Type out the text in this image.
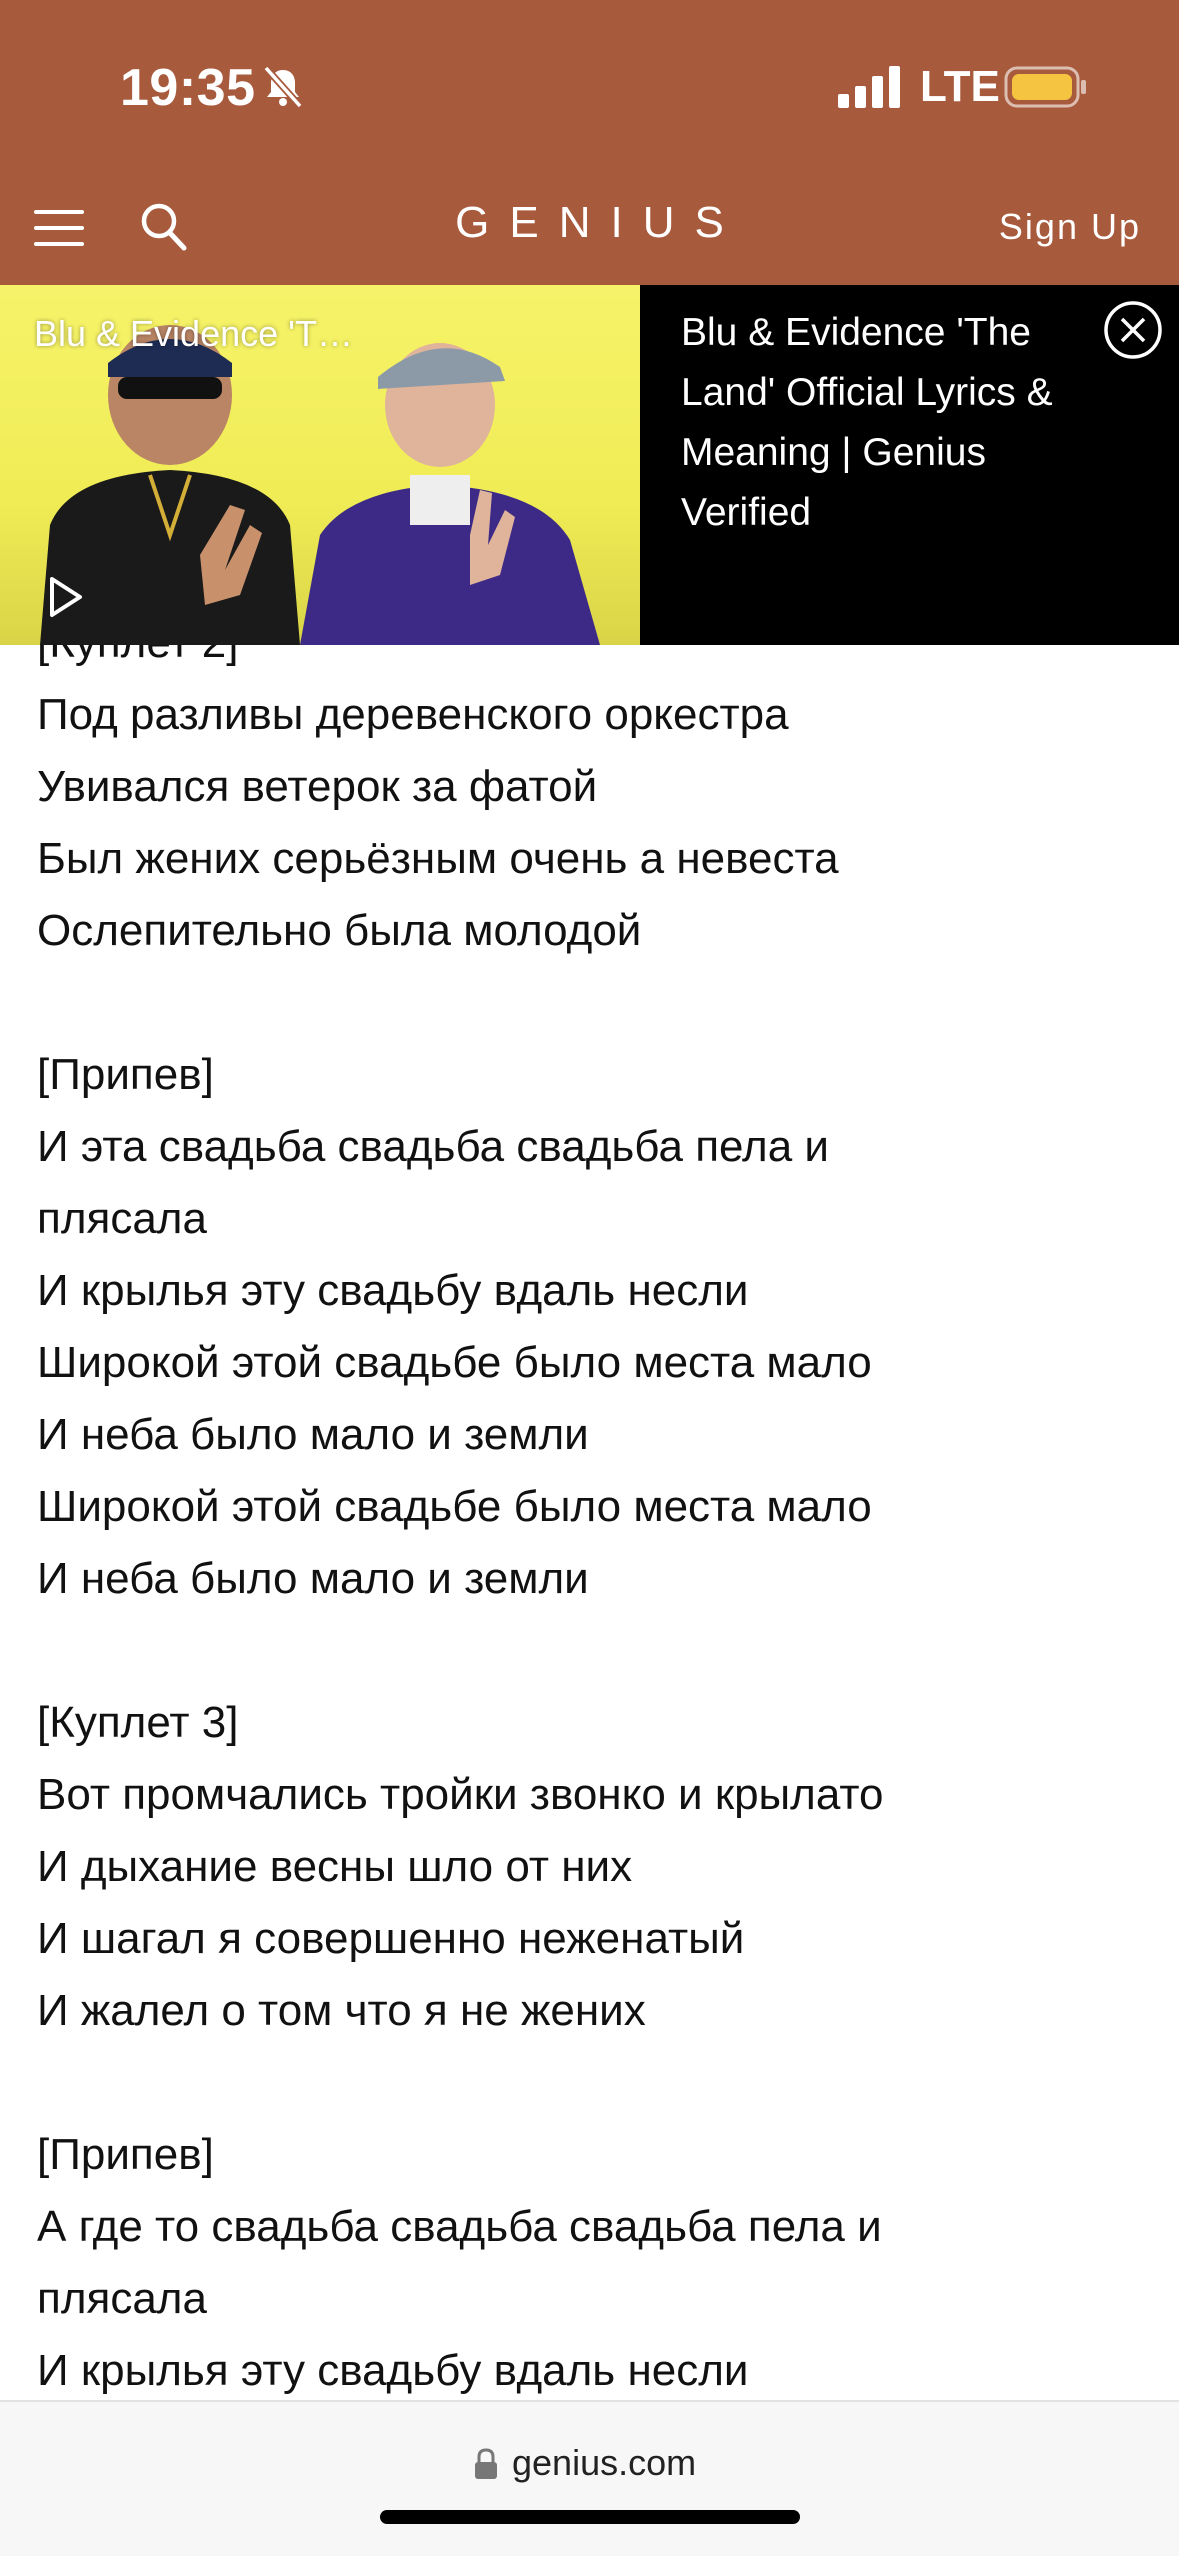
19:35	LTE
GENIUS	Sign Up
Под разливы деревенского оркестра
Увивался ветерок за фатой
Был жених серьёзным очень а невеста
Ослепительно была молодой
[Припев]
И эта свадьба свадьба свадьба пела и
плясала
И крылья эту свадьбу вдаль несли
Широкой этой свадьбе было места мало
И неба было мало и земли
Широкой этой свадьбе было места мало
И неба было мало и земли
[Куплет 3]
Вот промчались тройки звонко и крылато
И дыхание весны шло от них
И шагал я совершенно неженатый
И жалел о том что я не жених
[Припев]
А где то свадьба свадьба свадьба пела и
плясала
И крылья эту свадьбу вдаль несли
Blu & Evidence 'T…	Blu & Evidence 'The Land' Official Lyrics & Meaning | Genius Verified
genius.com
